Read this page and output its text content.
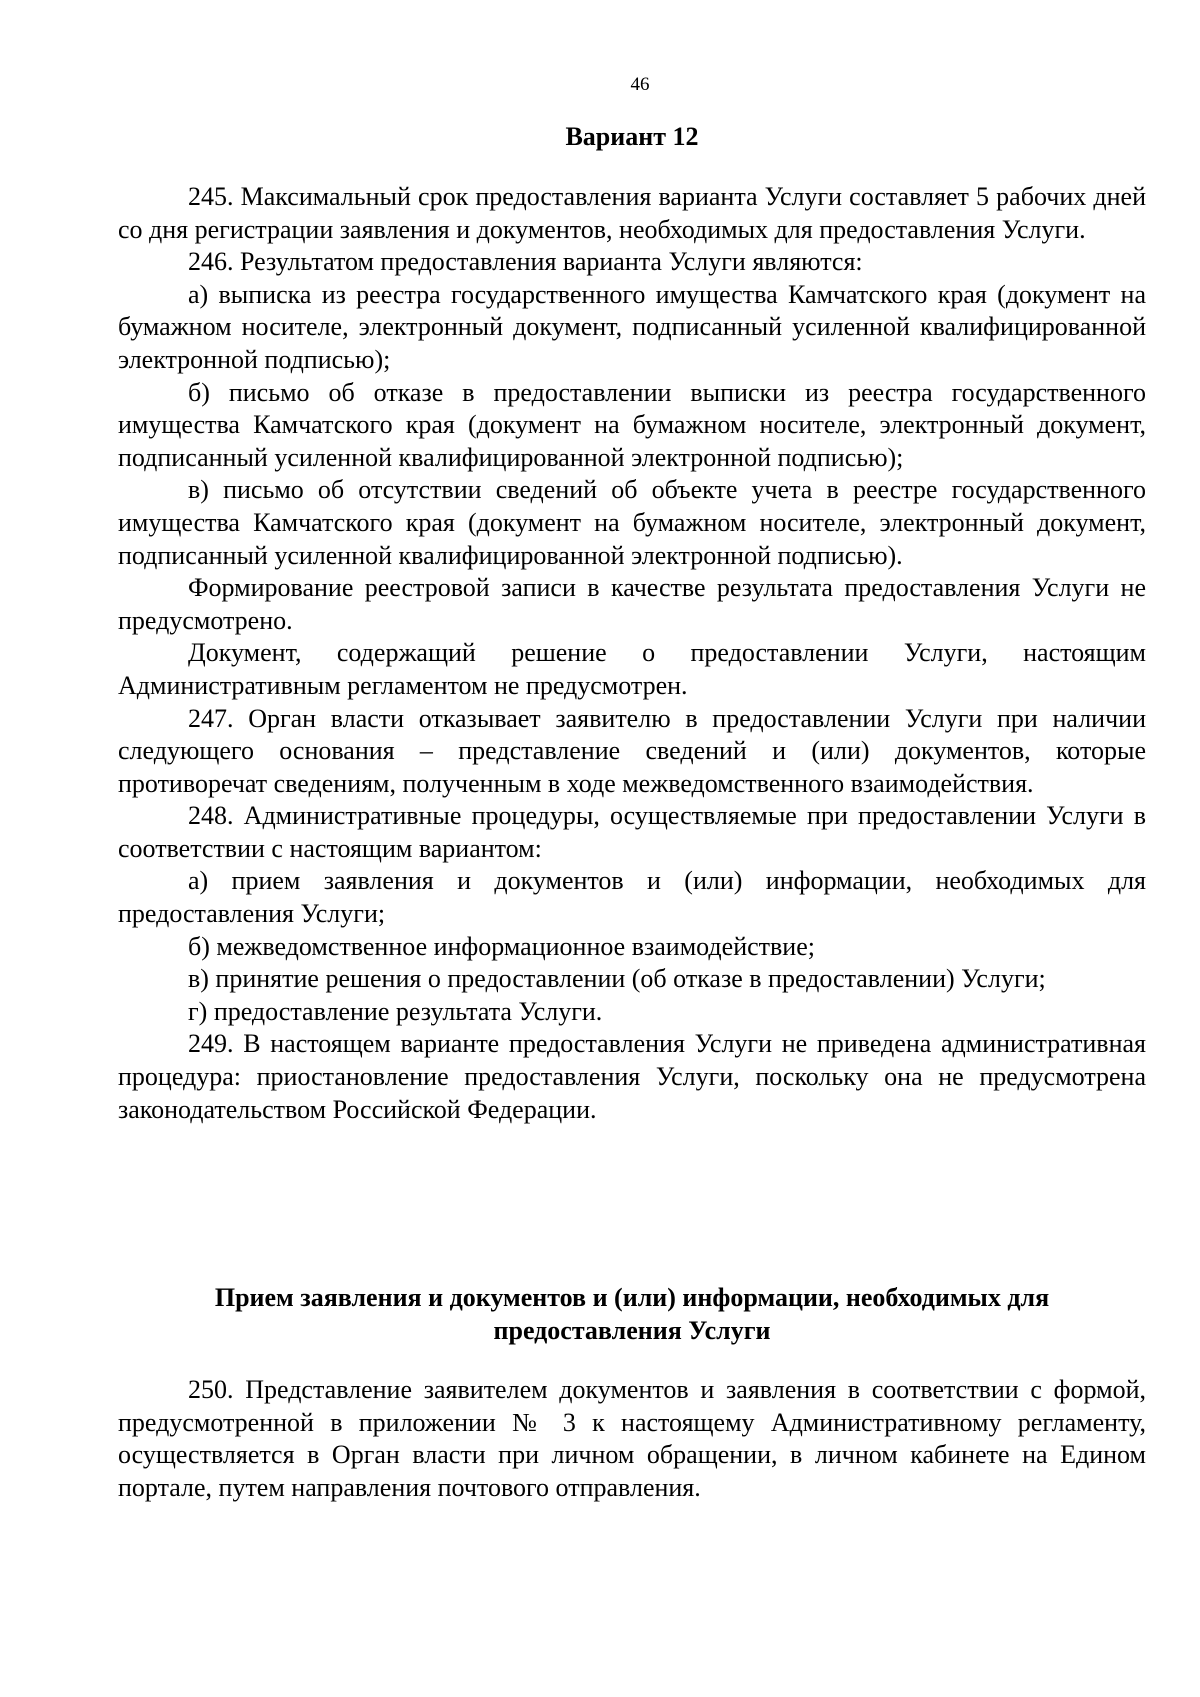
46
Вариант 12

245. Максимальный срок предоставления варианта Услуги составляет 5 рабочих дней со дня регистрации заявления и документов, необходимых для предоставления Услуги.

246. Результатом предоставления варианта Услуги являются:

а) выписка из реестра государственного имущества Камчатского края (документ на бумажном носителе, электронный документ, подписанный усиленной квалифицированной электронной подписью);

б) письмо об отказе в предоставлении выписки из реестра государственного имущества Камчатского края (документ на бумажном носителе, электронный документ, подписанный усиленной квалифицированной электронной подписью);

в) письмо об отсутствии сведений об объекте учета в реестре государственного имущества Камчатского края (документ на бумажном носителе, электронный документ, подписанный усиленной квалифицированной электронной подписью).

Формирование реестровой записи в качестве результата предоставления Услуги не предусмотрено.

Документ, содержащий решение о предоставлении Услуги, настоящим Административным регламентом не предусмотрен.

247. Орган власти отказывает заявителю в предоставлении Услуги при наличии следующего основания – представление сведений и (или) документов, которые противоречат сведениям, полученным в ходе межведомственного взаимодействия.

248. Административные процедуры, осуществляемые при предоставлении Услуги в соответствии с настоящим вариантом:

а) прием заявления и документов и (или) информации, необходимых для предоставления Услуги;

б) межведомственное информационное взаимодействие;

в) принятие решения о предоставлении (об отказе в предоставлении) Услуги;

г) предоставление результата Услуги.

249. В настоящем варианте предоставления Услуги не приведена административная процедура: приостановление предоставления Услуги, поскольку она не предусмотрена законодательством Российской Федерации.

Прием заявления и документов и (или) информации, необходимых для
предоставления Услуги

250. Представление заявителем документов и заявления в соответствии с формой, предусмотренной в приложении № 3 к настоящему Административному регламенту, осуществляется в Орган власти при личном обращении, в личном кабинете на Едином портале, путем направления почтового отправления.
